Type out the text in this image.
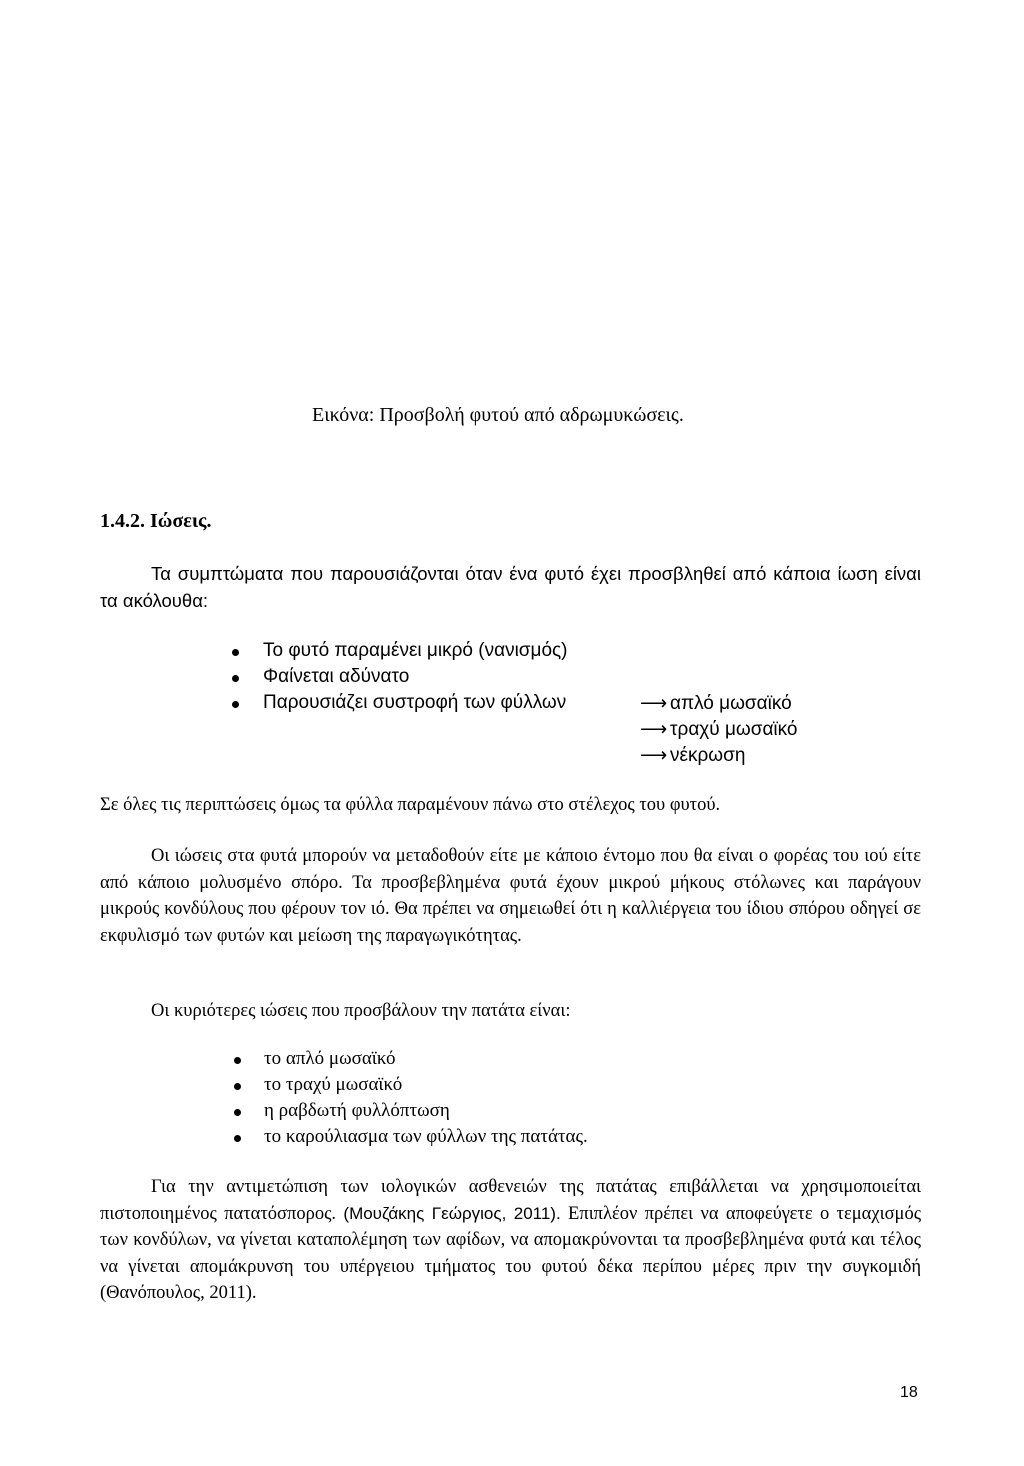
Εικόνα: Προσβολή φυτού από αδρωμυκώσεις.
1.4.2. Ιώσεις.
Τα συμπτώματα που παρουσιάζονται όταν ένα φυτό έχει προσβληθεί από κάποια ίωση είναι τα ακόλουθα:
Το φυτό παραμένει μικρό (νανισμός)
Φαίνεται αδύνατο
Παρουσιάζει συστροφή των φύλλων	⟶ απλό μωσαϊκό
⟶ τραχύ μωσαϊκό
⟶ νέκρωση
Σε όλες τις περιπτώσεις όμως τα φύλλα παραμένουν πάνω στο στέλεχος του φυτού.
Οι ιώσεις στα φυτά μπορούν να μεταδοθούν είτε με κάποιο έντομο που θα είναι ο φορέας του ιού είτε από κάποιο μολυσμένο σπόρο. Τα προσβεβλημένα φυτά έχουν μικρού μήκους στόλωνες και παράγουν μικρούς κονδύλους που φέρουν τον ιό. Θα πρέπει να σημειωθεί ότι η καλλιέργεια του ίδιου σπόρου οδηγεί σε εκφυλισμό των φυτών και μείωση της παραγωγικότητας.
Οι κυριότερες ιώσεις που προσβάλουν την πατάτα είναι:
το απλό μωσαϊκό
το τραχύ μωσαϊκό
η ραβδωτή φυλλόπτωση
το καρούλιασμα των φύλλων της πατάτας.
Για την αντιμετώπιση των ιολογικών ασθενειών της πατάτας επιβάλλεται να χρησιμοποιείται πιστοποιημένος πατατόσπορος. (Μουζάκης Γεώργιος, 2011). Επιπλέον πρέπει να αποφεύγετε ο τεμαχισμός των κονδύλων, να γίνεται καταπολέμηση των αφίδων, να απομακρύνονται τα προσβεβλημένα φυτά και τέλος να γίνεται απομάκρυνση του υπέργειου τμήματος του φυτού δέκα περίπου μέρες πριν την συγκομιδή (Θανόπουλος, 2011).
18
